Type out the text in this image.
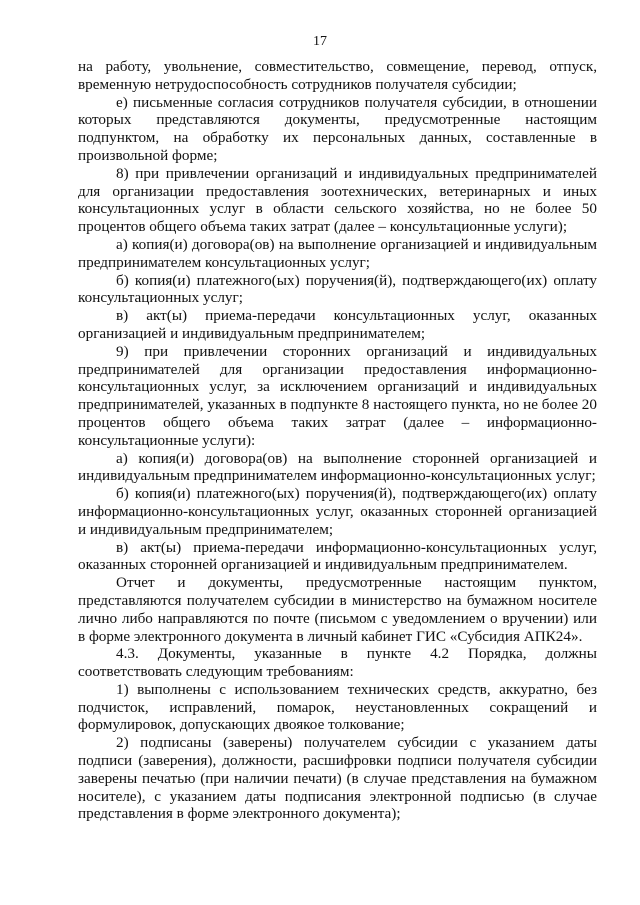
17

на работу, увольнение, совместительство, совмещение, перевод, отпуск, временную нетрудоспособность сотрудников получателя субсидии;

е) письменные согласия сотрудников получателя субсидии, в отношении которых представляются документы, предусмотренные настоящим подпунктом, на обработку их персональных данных, составленные в произвольной форме;

8) при привлечении организаций и индивидуальных предпринимателей для организации предоставления зоотехнических, ветеринарных и иных консультационных услуг в области сельского хозяйства, но не более 50 процентов общего объема таких затрат (далее – консультационные услуги);

а) копия(и) договора(ов) на выполнение организацией и индивидуальным предпринимателем консультационных услуг;

б) копия(и) платежного(ых) поручения(й), подтверждающего(их) оплату консультационных услуг;

в) акт(ы) приема-передачи консультационных услуг, оказанных организацией и индивидуальным предпринимателем;

9) при привлечении сторонних организаций и индивидуальных предпринимателей для организации предоставления информационно-консультационных услуг, за исключением организаций и индивидуальных предпринимателей, указанных в подпункте 8 настоящего пункта, но не более 20 процентов общего объема таких затрат (далее – информационно-консультационные услуги):

а) копия(и) договора(ов) на выполнение сторонней организацией и индивидуальным предпринимателем информационно-консультационных услуг;

б) копия(и) платежного(ых) поручения(й), подтверждающего(их) оплату информационно-консультационных услуг, оказанных сторонней организацией и индивидуальным предпринимателем;

в) акт(ы) приема-передачи информационно-консультационных услуг, оказанных сторонней организацией и индивидуальным предпринимателем.

Отчет и документы, предусмотренные настоящим пунктом, представляются получателем субсидии в министерство на бумажном носителе лично либо направляются по почте (письмом с уведомлением о вручении) или в форме электронного документа в личный кабинет ГИС «Субсидия АПК24».

4.3. Документы, указанные в пункте 4.2 Порядка, должны соответствовать следующим требованиям:

1) выполнены с использованием технических средств, аккуратно, без подчисток, исправлений, помарок, неустановленных сокращений и формулировок, допускающих двоякое толкование;

2) подписаны (заверены) получателем субсидии с указанием даты подписи (заверения), должности, расшифровки подписи получателя субсидии заверены печатью (при наличии печати) (в случае представления на бумажном носителе), с указанием даты подписания электронной подписью (в случае представления в форме электронного документа);
